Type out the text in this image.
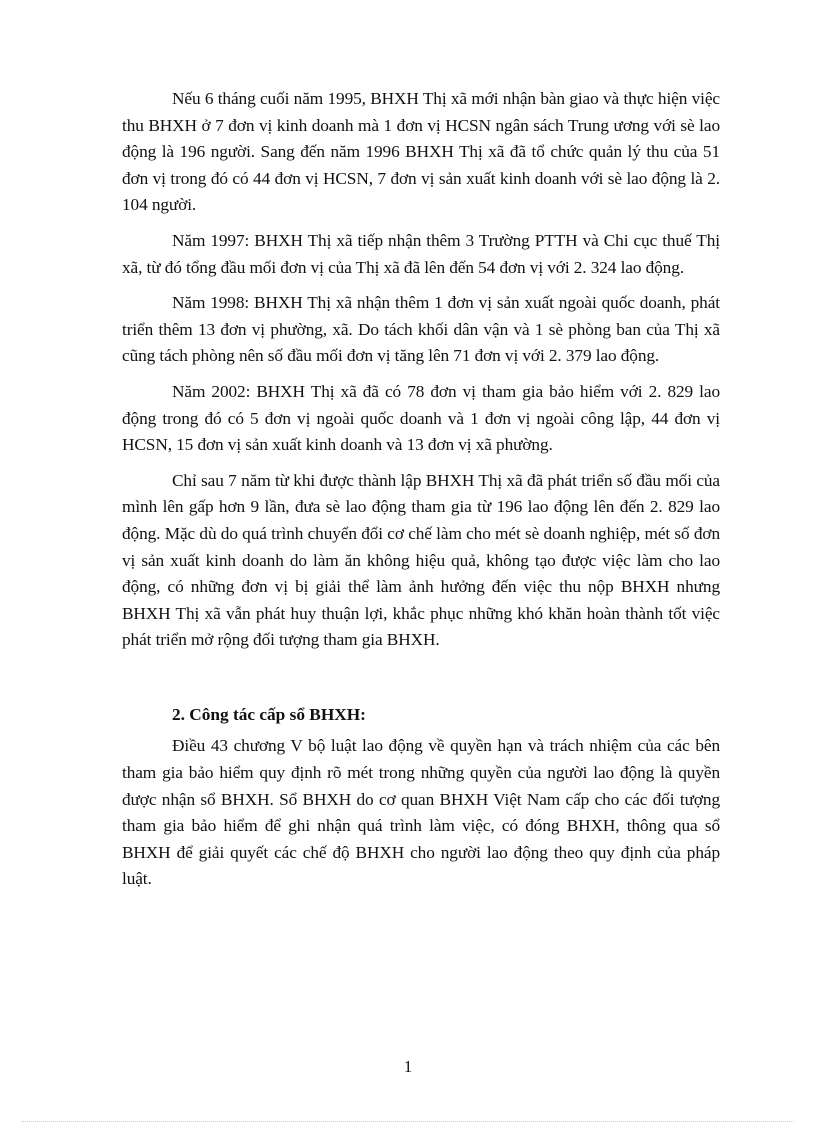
Nếu 6 tháng cuối năm 1995, BHXH Thị xã mới nhận bàn giao và thực hiện việc thu BHXH ở 7 đơn vị kinh doanh mà 1 đơn vị HCSN ngân sách Trung ương với sè lao động là 196 người. Sang đến năm 1996 BHXH Thị xã đã tổ chức quản lý thu của 51 đơn vị trong đó có 44 đơn vị HCSN, 7 đơn vị sản xuất kinh doanh với sè lao động là 2. 104 người.

Năm 1997: BHXH Thị xã tiếp nhận thêm 3 Trường PTTH và Chi cục thuế Thị xã, từ đó tổng đầu mối đơn vị của Thị xã đã lên đến 54 đơn vị với 2. 324 lao động.

Năm 1998: BHXH Thị xã nhận thêm 1 đơn vị sản xuất ngoài quốc doanh, phát triển thêm 13 đơn vị phường, xã. Do tách khối dân vận và 1 sè phòng ban của Thị xã cũng tách phòng nên số đầu mối đơn vị tăng lên 71 đơn vị với 2. 379 lao động.

Năm 2002: BHXH Thị xã đã có 78 đơn vị tham gia bảo hiểm với 2. 829 lao động trong đó có 5 đơn vị ngoài quốc doanh và 1 đơn vị ngoài công lập, 44 đơn vị HCSN, 15 đơn vị sản xuất kinh doanh và 13 đơn vị xã phường.

Chỉ sau 7 năm từ khi được thành lập BHXH Thị xã đã phát triển số đầu mối của mình lên gấp hơn 9 lần, đưa sè lao động tham gia từ 196 lao động lên đến 2. 829 lao động. Mặc dù do quá trình chuyển đổi cơ chế làm cho mét sè doanh nghiệp, mét số đơn vị sản xuất kinh doanh do làm ăn không hiệu quả, không tạo được việc làm cho lao động, có những đơn vị bị giải thể làm ảnh hưởng đến việc thu nộp BHXH nhưng BHXH Thị xã vẫn phát huy thuận lợi, khắc phục những khó khăn hoàn thành tốt việc phát triển mở rộng đối tượng tham gia BHXH.

2. Công tác cấp sổ BHXH:

Điều 43 chương V bộ luật lao động về quyền hạn và trách nhiệm của các bên tham gia bảo hiểm quy định rõ mét trong những quyền của người lao động là quyền được nhận sổ BHXH. Sổ BHXH do cơ quan BHXH Việt Nam cấp cho các đối tượng tham gia bảo hiểm để ghi nhận quá trình làm việc, có đóng BHXH, thông qua sổ BHXH để giải quyết các chế độ BHXH cho người lao động theo quy định của pháp luật.

1
